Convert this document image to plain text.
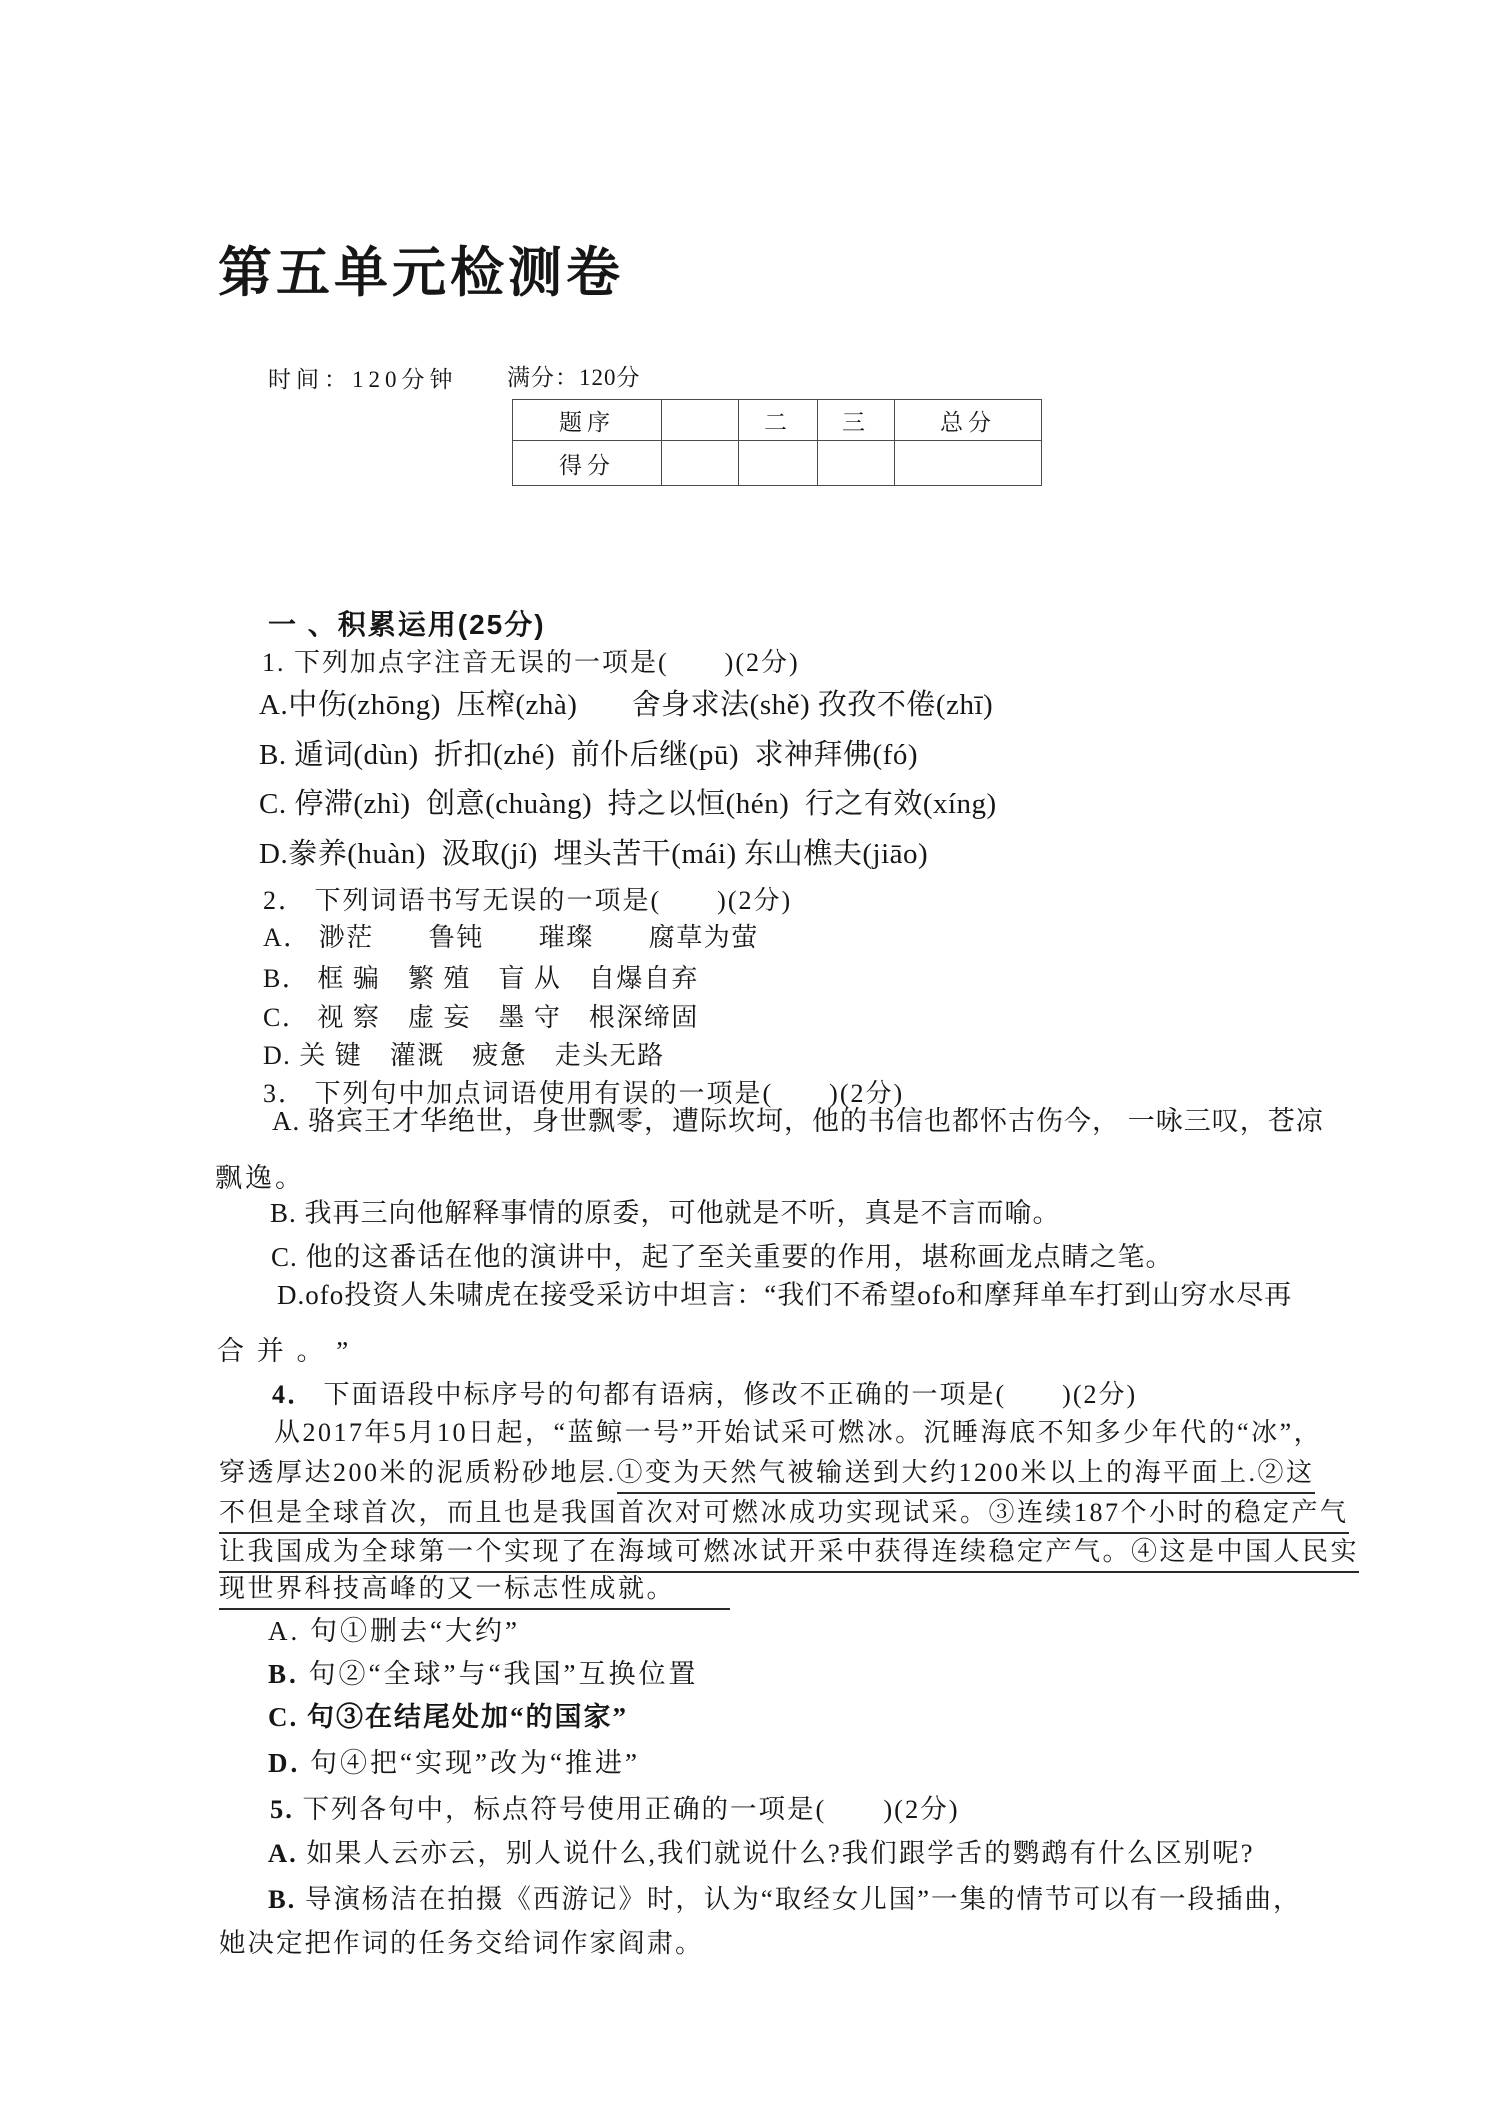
第五单元检测卷
时间：120分钟 满分：120分
题序		二	三	总分
得分				
一 、积累运用(25分)
1. 下列加点字注音无误的一项是(　　)(2分)
A.中伤(zhōng)  压榨(zhà)       舍身求法(shě) 孜孜不倦(zhī)
B. 遁词(dùn)  折扣(zhé)  前仆后继(pū)  求神拜佛(fó)
C. 停滞(zhì)  创意(chuàng)  持之以恒(hén)  行之有效(xíng)
D.豢养(huàn)  汲取(jí)  埋头苦干(mái) 东山樵夫(jiāo)
2． 下列词语书写无误的一项是(　　)(2分)
A． 渺茫　　鲁钝　　璀璨　　腐草为萤
B． 框 骗　繁 殖　盲 从　自爆自弃
C． 视 察　虚 妄　墨 守　根深缔固
D. 关 键　灌溉　疲惫　走头无路
3． 下列句中加点词语使用有误的一项是(　　)(2分)
A. 骆宾王才华绝世，身世飘零，遭际坎坷，他的书信也都怀古伤今， 一咏三叹，苍凉
飘逸。
B. 我再三向他解释事情的原委，可他就是不听，真是不言而喻。
C. 他的这番话在他的演讲中，起了至关重要的作用，堪称画龙点睛之笔。
D.ofo投资人朱啸虎在接受采访中坦言：“我们不希望ofo和摩拜单车打到山穷水尽再
合 并 。 ”
4． 下面语段中标序号的句都有语病，修改不正确的一项是(　　)(2分)
从2017年5月10日起，“蓝鲸一号”开始试采可燃冰。沉睡海底不知多少年代的“冰”，
穿透厚达200米的泥质粉砂地层.①变为天然气被输送到大约1200米以上的海平面上.②这
不但是全球首次，而且也是我国首次对可燃冰成功实现试采。③连续187个小时的稳定产气
让我国成为全球第一个实现了在海域可燃冰试开采中获得连续稳定产气。④这是中国人民实
现世界科技高峰的又一标志性成就。
A. 句①删去“大约”
B. 句②“全球”与“我国”互换位置
C. 句③在结尾处加“的国家”
D. 句④把“实现”改为“推进”
5. 下列各句中，标点符号使用正确的一项是(　　)(2分)
A. 如果人云亦云，别人说什么,我们就说什么?我们跟学舌的鹦鹉有什么区别呢?
B. 导演杨洁在拍摄《西游记》时，认为“取经女儿国”一集的情节可以有一段插曲，
她决定把作词的任务交给词作家阎肃。
